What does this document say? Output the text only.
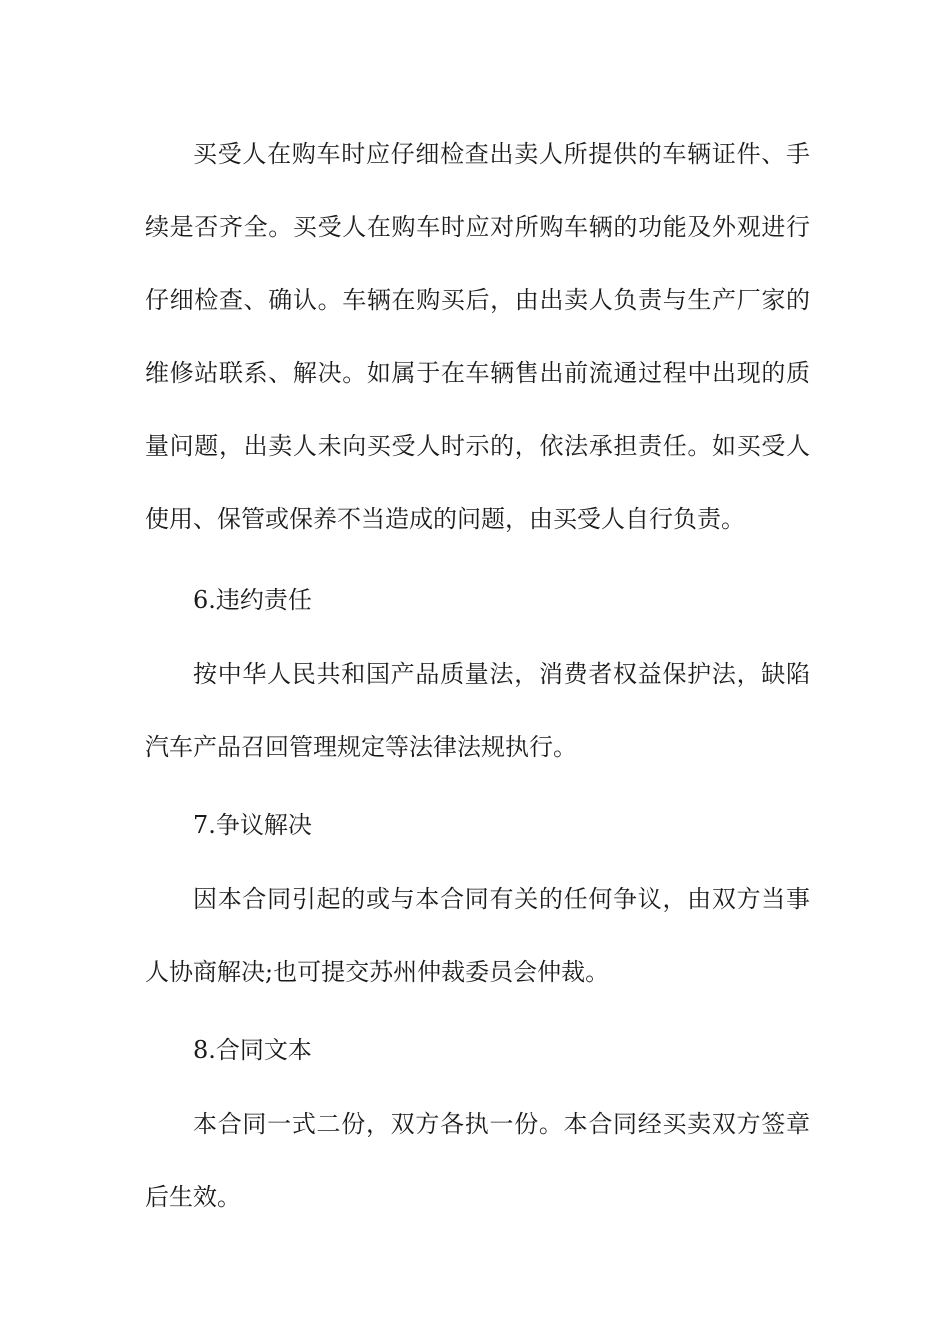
买受人在购车时应仔细检查出卖人所提供的车辆证件、手
续是否齐全。买受人在购车时应对所购车辆的功能及外观进行
仔细检查、确认。车辆在购买后，由出卖人负责与生产厂家的
维修站联系、解决。如属于在车辆售出前流通过程中出现的质
量问题，出卖人未向买受人时示的，依法承担责任。如买受人
使用、保管或保养不当造成的问题，由买受人自行负责。
6.违约责任
按中华人民共和国产品质量法，消费者权益保护法，缺陷
汽车产品召回管理规定等法律法规执行。
7.争议解决
因本合同引起的或与本合同有关的任何争议，由双方当事
人协商解决;也可提交苏州仲裁委员会仲裁。
8.合同文本
本合同一式二份，双方各执一份。本合同经买卖双方签章
后生效。
